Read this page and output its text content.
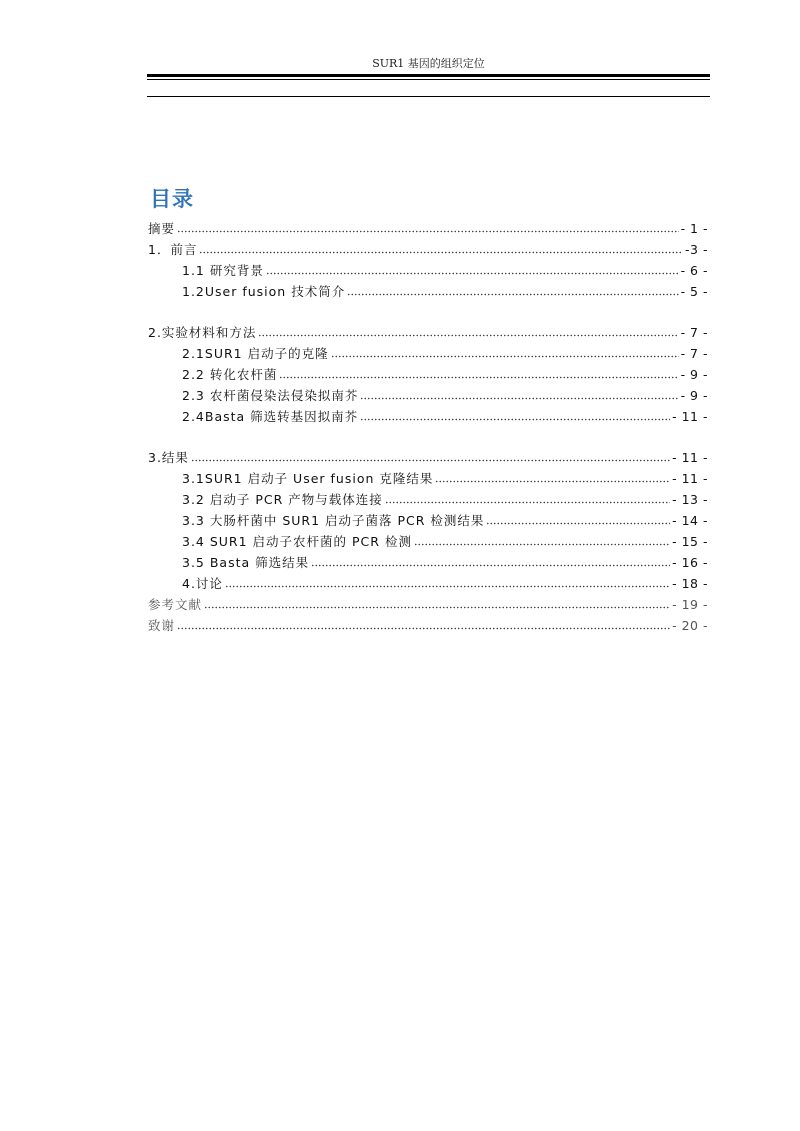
SUR1 基因的组织定位
目录
摘要	- 1 -
1．前言	-3 -
1.1 研究背景	- 6 -
1.2User fusion 技术简介	- 5 -
2.实验材料和方法	- 7 -
2.1SUR1 启动子的克隆	- 7 -
2.2 转化农杆菌	- 9 -
2.3 农杆菌侵染法侵染拟南芥	- 9 -
2.4Basta 筛选转基因拟南芥	- 11 -
3.结果	- 11 -
3.1SUR1 启动子 User fusion 克隆结果	- 11 -
3.2 启动子 PCR 产物与载体连接	- 13 -
3.3 大肠杆菌中 SUR1 启动子菌落 PCR 检测结果	- 14 -
3.4 SUR1 启动子农杆菌的 PCR 检测	- 15 -
3.5 Basta 筛选结果	- 16 -
4.讨论	- 18 -
参考文献	- 19 -
致谢	- 20 -
